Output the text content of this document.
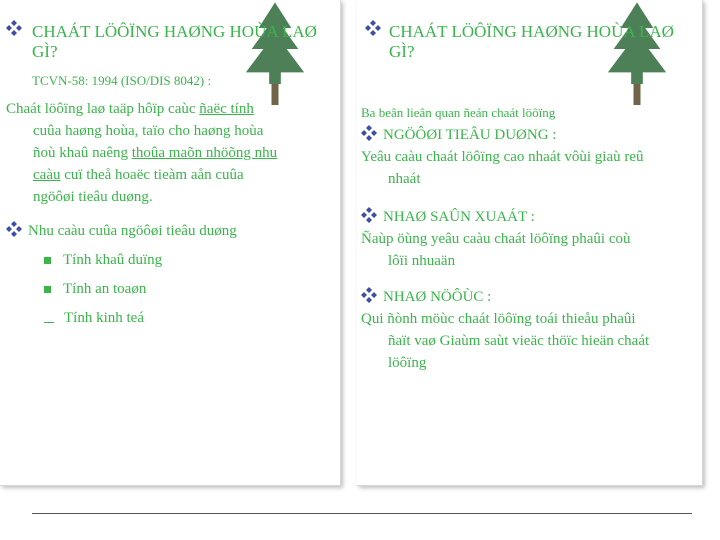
CHAÁT LÖÔÏNG HAØNG HOÙA LAØ
GÌ?
TCVN-58: 1994 (ISO/DIS 8042) :
Chaát löôïng laø taäp hôïp caùc ñaëc tính
cuûa haøng hoùa, taïo cho haøng hoùa
ñoù khaû naêng thoûa maõn nhöõng nhu
caàu cuï theå hoaëc tieàm aån cuûa
ngöôøi tieâu duøng.
Nhu caàu cuûa ngöôøi tieâu duøng
Tính khaû duïng
Tính an toaøn
Tính kinh teá
CHAÁT LÖÔÏNG HAØNG HOÙA LAØ
GÌ?
Ba beân lieân quan ñeán chaát löôïng
NGÖÔØI TIEÂU DUØNG :
Yeâu caàu chaát löôïng cao nhaát vôùi giaù reû
nhaát
NHAØ SAÛN XUAÁT :
Ñaùp öùng yeâu caàu chaát löôïng phaûi coù
lôïi nhuaän
NHAØ NÖÔÙC :
Qui ñònh möùc chaát löôïng toái thieåu phaûi
ñaït vaø Giaùm saùt vieäc thöïc hieän chaát
löôïng
